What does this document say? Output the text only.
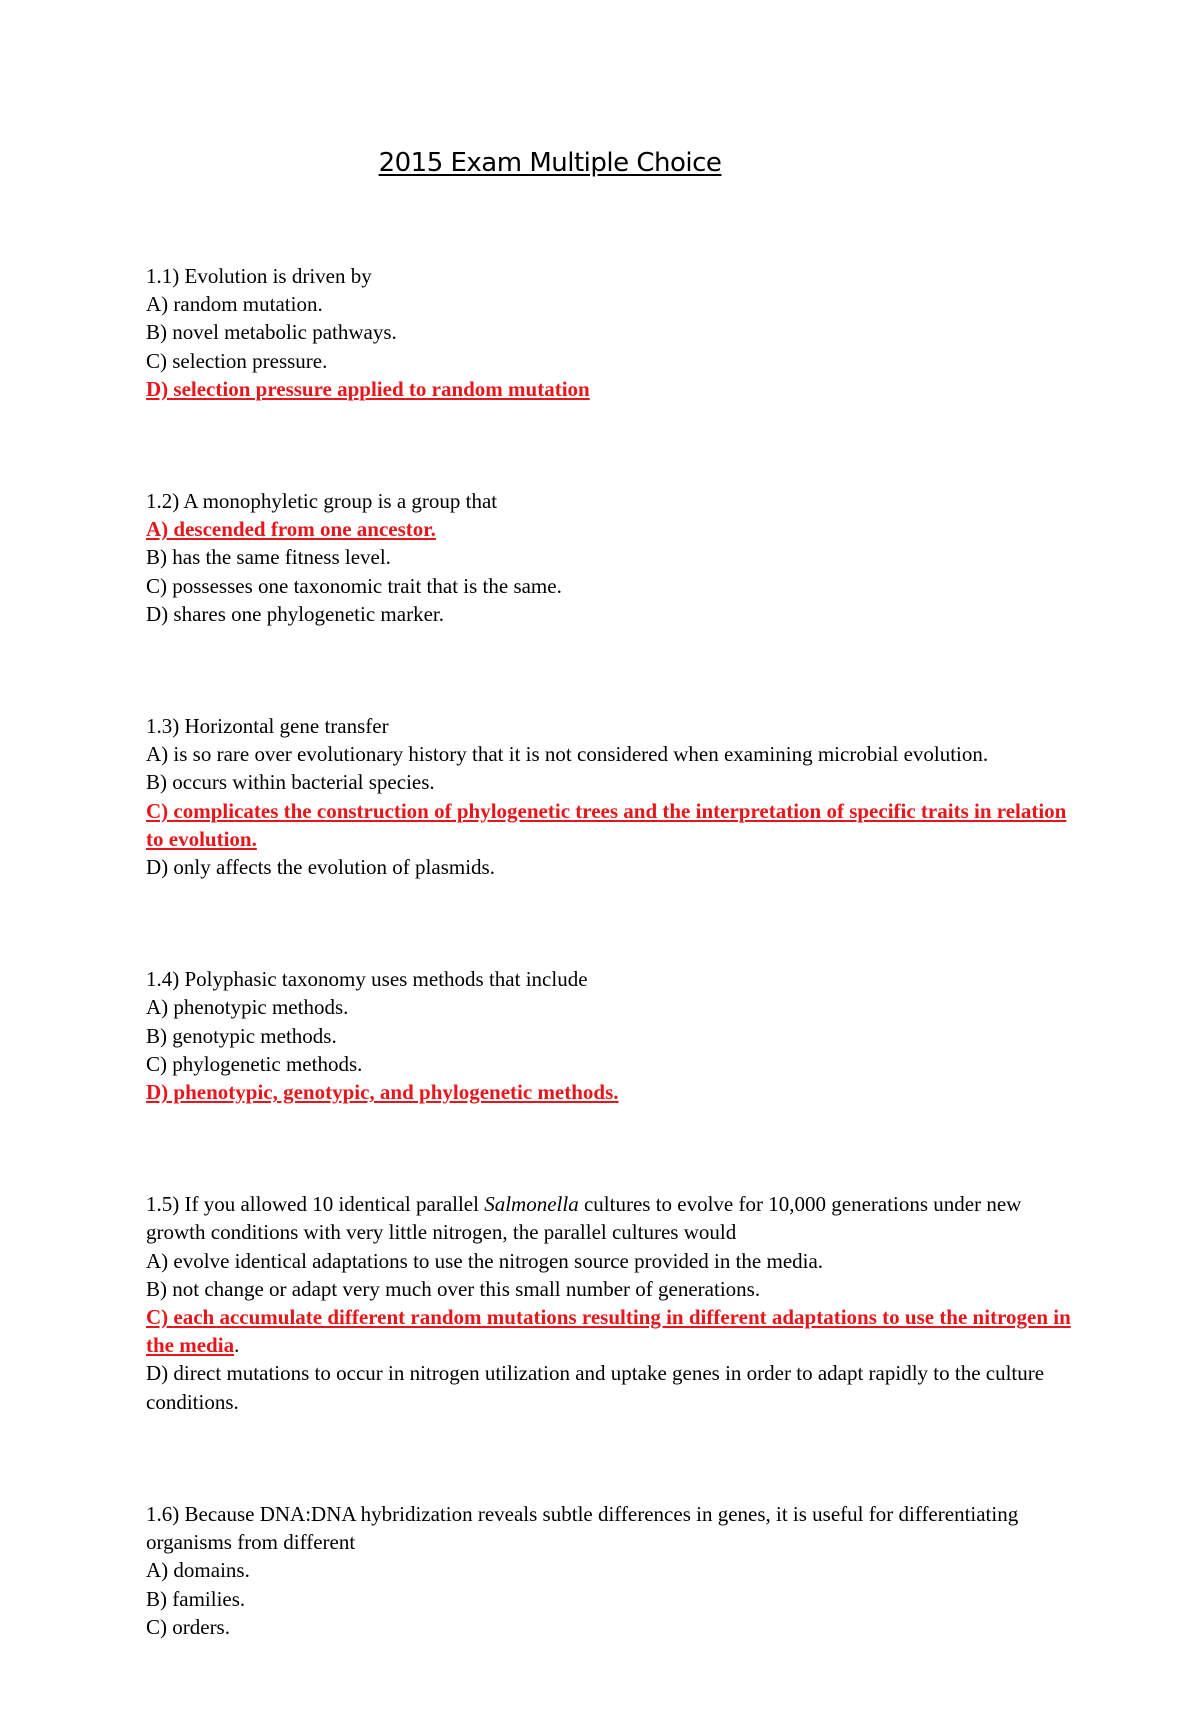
2015 Exam Multiple Choice

1.1) Evolution is driven by

A) random mutation.

B) novel metabolic pathways.

C) selection pressure.

D) selection pressure applied to random mutation

1.2) A monophyletic group is a group that

A) descended from one ancestor.

B) has the same fitness level.

C) possesses one taxonomic trait that is the same.

D) shares one phylogenetic marker.

1.3) Horizontal gene transfer

A) is so rare over evolutionary history that it is not considered when examining microbial evolution.

B) occurs within bacterial species.

C) complicates the construction of phylogenetic trees and the interpretation of specific traits in relation to evolution.

D) only affects the evolution of plasmids.

1.4) Polyphasic taxonomy uses methods that include

A) phenotypic methods.

B) genotypic methods.

C) phylogenetic methods.

D) phenotypic, genotypic, and phylogenetic methods.

1.5) If you allowed 10 identical parallel Salmonella cultures to evolve for 10,000 generations under new growth conditions with very little nitrogen, the parallel cultures would

A) evolve identical adaptations to use the nitrogen source provided in the media.

B) not change or adapt very much over this small number of generations.

C) each accumulate different random mutations resulting in different adaptations to use the nitrogen in the media.

D) direct mutations to occur in nitrogen utilization and uptake genes in order to adapt rapidly to the culture conditions.

1.6) Because DNA:DNA hybridization reveals subtle differences in genes, it is useful for differentiating organisms from different

A) domains.

B) families.

C) orders.
